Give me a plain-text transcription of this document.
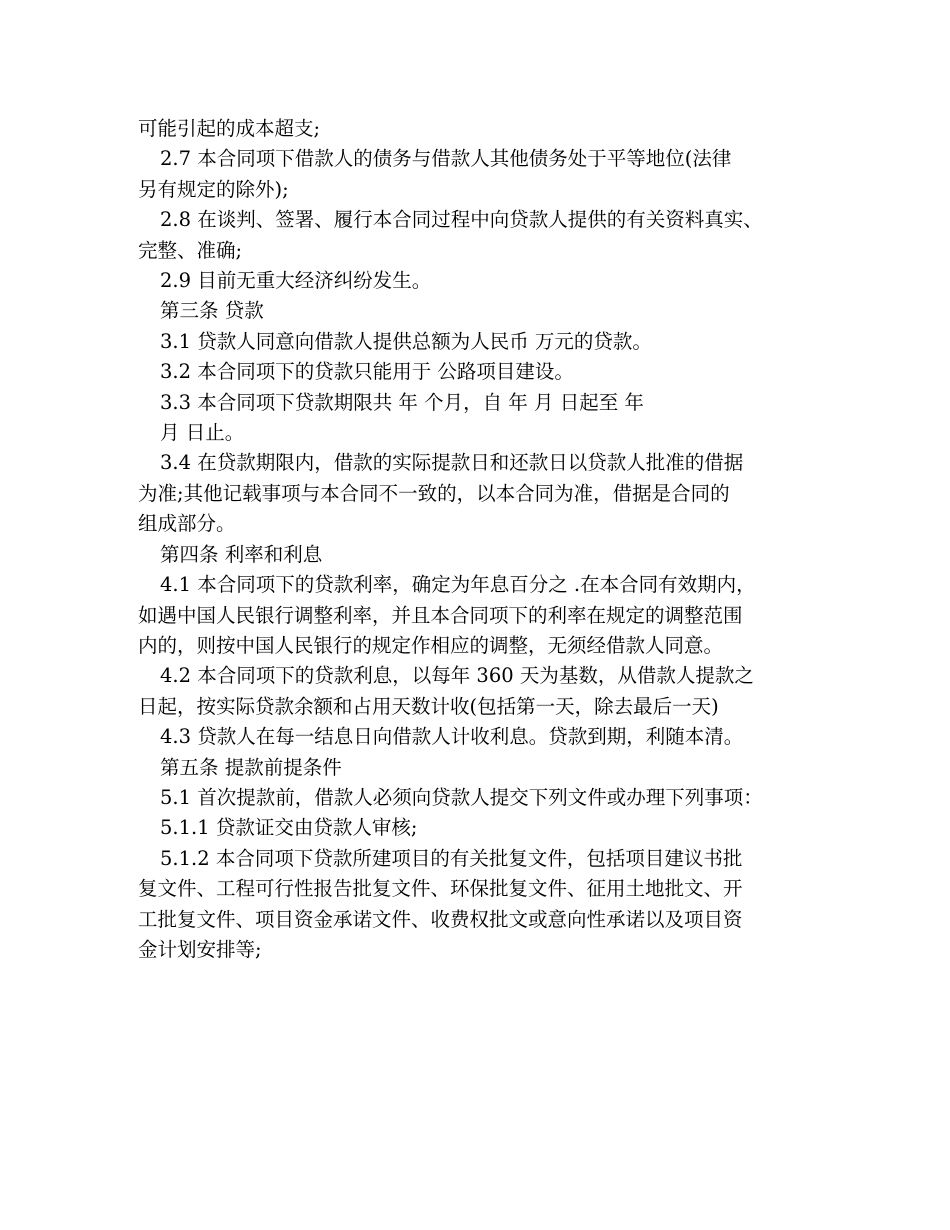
可能引起的成本超支;

2.7 本合同项下借款人的债务与借款人其他债务处于平等地位(法律

另有规定的除外);

2.8 在谈判、签署、履行本合同过程中向贷款人提供的有关资料真实、

完整、准确;

2.9 目前无重大经济纠纷发生。

第三条 贷款

3.1 贷款人同意向借款人提供总额为人民币 万元的贷款。

3.2 本合同项下的贷款只能用于 公路项目建设。

3.3 本合同项下贷款期限共 年 个月，自 年 月 日起至 年

月 日止。

3.4 在贷款期限内，借款的实际提款日和还款日以贷款人批准的借据

为准;其他记载事项与本合同不一致的，以本合同为准，借据是合同的

组成部分。

第四条 利率和利息

4.1 本合同项下的贷款利率，确定为年息百分之 .在本合同有效期内，

如遇中国人民银行调整利率，并且本合同项下的利率在规定的调整范围

内的，则按中国人民银行的规定作相应的调整，无须经借款人同意。

4.2 本合同项下的贷款利息，以每年 360 天为基数，从借款人提款之

日起，按实际贷款余额和占用天数计收(包括第一天，除去最后一天)

4.3 贷款人在每一结息日向借款人计收利息。贷款到期，利随本清。

第五条 提款前提条件

5.1 首次提款前，借款人必须向贷款人提交下列文件或办理下列事项：

5.1.1 贷款证交由贷款人审核;

5.1.2 本合同项下贷款所建项目的有关批复文件，包括项目建议书批

复文件、工程可行性报告批复文件、环保批复文件、征用土地批文、开

工批复文件、项目资金承诺文件、收费权批文或意向性承诺以及项目资

金计划安排等;
